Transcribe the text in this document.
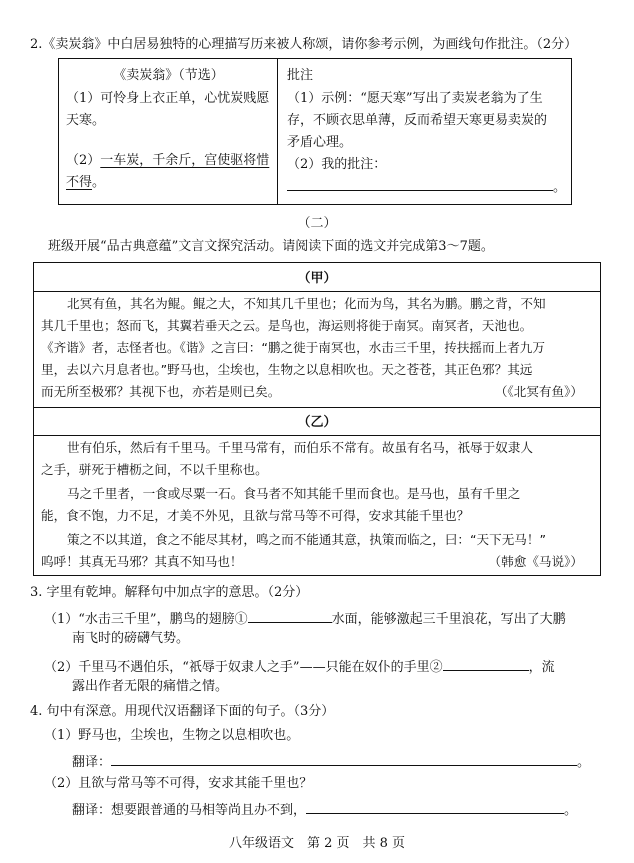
2.《卖炭翁》中白居易独特的心理描写历来被人称颂，请你参考示例，为画线句作批注。（2分）
《卖炭翁》（节选）
（1）可怜身上衣正单，心忧炭贱愿
天寒。
（2）一车炭，千余斤，宫使驱将惜
不得。
批注
（1）示例：“愿天寒”写出了卖炭老翁为了生
存，不顾衣思单薄，反而希望天寒更易卖炭的
矛盾心理。
（2）我的批注：
。
（二）
班级开展“品古典意蕴”文言文探究活动。请阅读下面的选文并完成第3～7题。
（甲）
北冥有鱼，其名为鲲。鲲之大，不知其几千里也；化而为鸟，其名为鹏。鹏之背，不知
其几千里也；怒而飞，其翼若垂天之云。是鸟也，海运则将徙于南冥。南冥者，天池也。
《齐谐》者，志怪者也。《谐》之言曰：“鹏之徙于南冥也，水击三千里，抟扶摇而上者九万
里，去以六月息者也。”野马也，尘埃也，生物之以息相吹也。天之苍苍，其正色邪？其远
而无所至极邪？其视下也，亦若是则已矣。	（《北冥有鱼》）
（乙）
世有伯乐，然后有千里马。千里马常有，而伯乐不常有。故虽有名马，祇辱于奴隶人
之手，骈死于槽枥之间，不以千里称也。
马之千里者，一食或尽粟一石。食马者不知其能千里而食也。是马也，虽有千里之
能，食不饱，力不足，才美不外见，且欲与常马等不可得，安求其能千里也？
策之不以其道，食之不能尽其材，鸣之而不能通其意，执策而临之，曰：“天下无马！”
呜呼！其真无马邪？其真不知马也！	（韩愈《马说》）
3. 字里有乾坤。解释句中加点字的意思。（2分）
（1）“水击三千里”，鹏鸟的翅膀①	水面，能够激起三千里浪花，写出了大鹏
南飞时的磅礴气势。
（2）千里马不遇伯乐，“祇辱于奴隶人之手”——只能在奴仆的手里②	，流
露出作者无限的痛惜之情。
4. 句中有深意。用现代汉语翻译下面的句子。（3分）
（1）野马也，尘埃也，生物之以息相吹也。
翻译：	。
（2）且欲与常马等不可得，安求其能千里也？
翻译：想要跟普通的马相等尚且办不到，	。
八年级语文　第 2 页　共 8 页
